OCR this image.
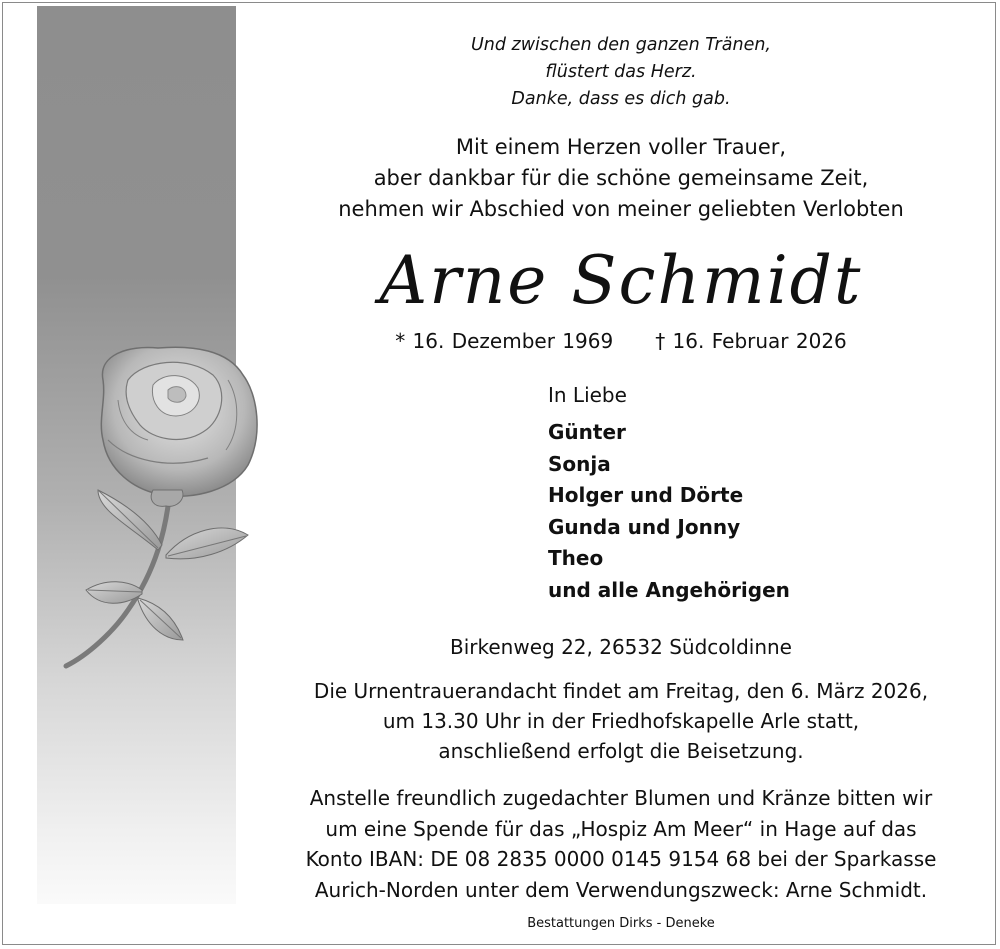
Und zwischen den ganzen Tränen,
flüstert das Herz.
Danke, dass es dich gab.
Mit einem Herzen voller Trauer,
aber dankbar für die schöne gemeinsame Zeit,
nehmen wir Abschied von meiner geliebten Verlobten
Arne Schmidt
* 16. Dezember 1969 † 16. Februar 2026
In Liebe
Günter
Sonja
Holger und Dörte
Gunda und Jonny
Theo
und alle Angehörigen
Birkenweg 22, 26532 Südcoldinne
Die Urnentrauerandacht findet am Freitag, den 6. März 2026,
um 13.30 Uhr in der Friedhofskapelle Arle statt,
anschließend erfolgt die Beisetzung.
Anstelle freundlich zugedachter Blumen und Kränze bitten wir
um eine Spende für das „Hospiz Am Meer“ in Hage auf das
Konto IBAN: DE 08 2835 0000 0145 9154 68 bei der Sparkasse
Aurich-Norden unter dem Verwendungszweck: Arne Schmidt.
Bestattungen Dirks - Deneke
